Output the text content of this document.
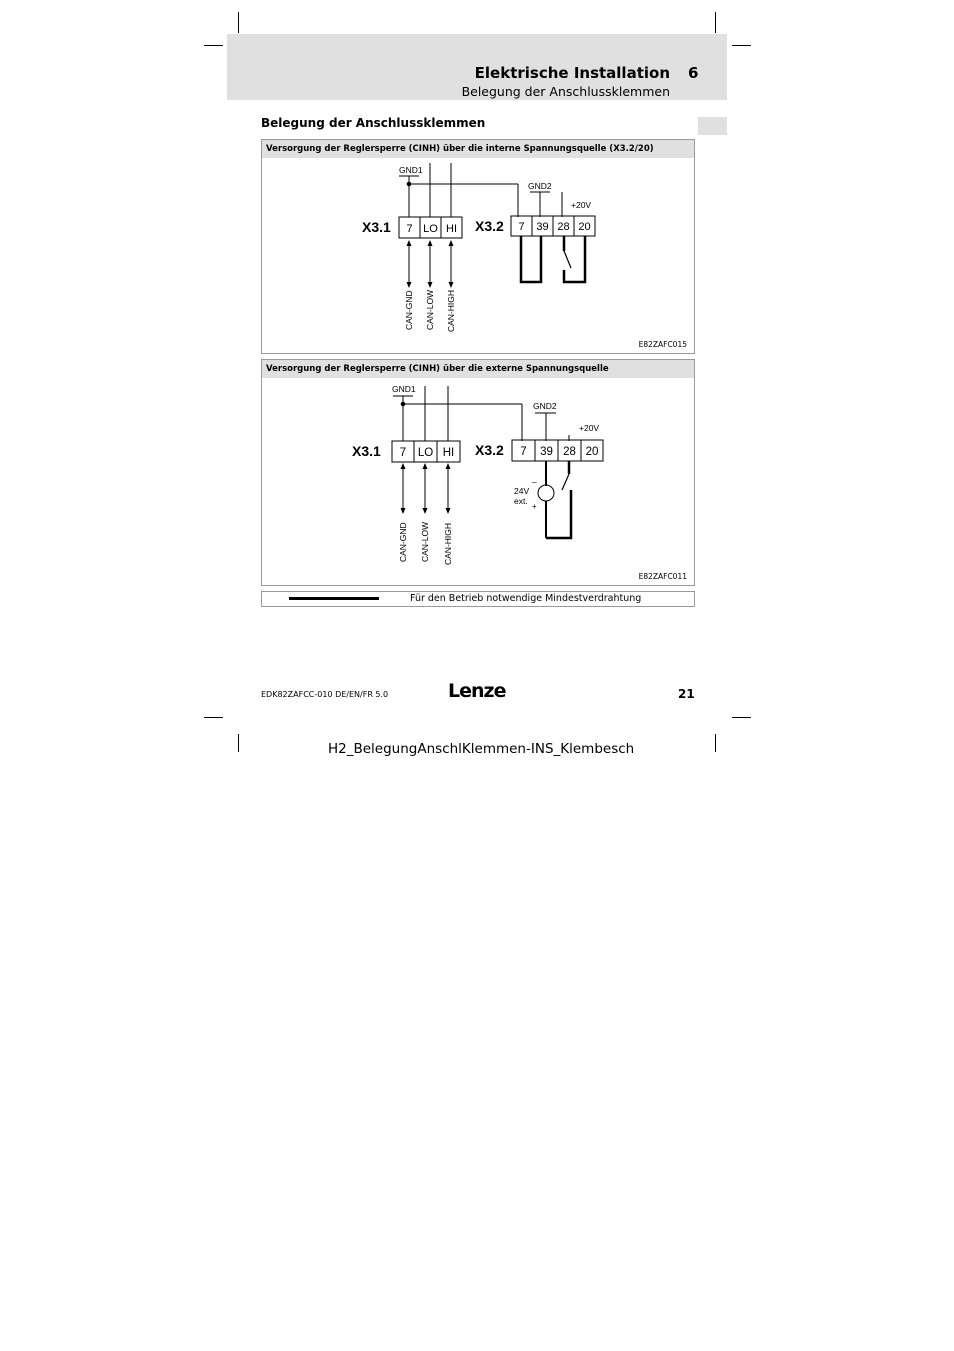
Elektrische Installation 6
Belegung der Anschlussklemmen
Belegung der Anschlussklemmen
Versorgung der Reglersperre (CINH) über die interne Spannungsquelle (X3.2/20)
GND1
GND2
+20V
X3.1	X3.2
7 LO HI	7 39 28 20
CAN-GND CAN-LOW CAN-HIGH
E82ZAFC015
Versorgung der Reglersperre (CINH) über die externe Spannungsquelle
GND1
GND2
+20V
X3.1	X3.2
7 LO HI	7 39 28 20
_
+
24V
ext.
CAN-GND CAN-LOW CAN-HIGH
E82ZAFC011
Für den Betrieb notwendige Mindestverdrahtung
EDK82ZAFCC-010 DE/EN/FR 5.0	Lenze	21
H2_BelegungAnschlKlemmen-INS_Klembesch
